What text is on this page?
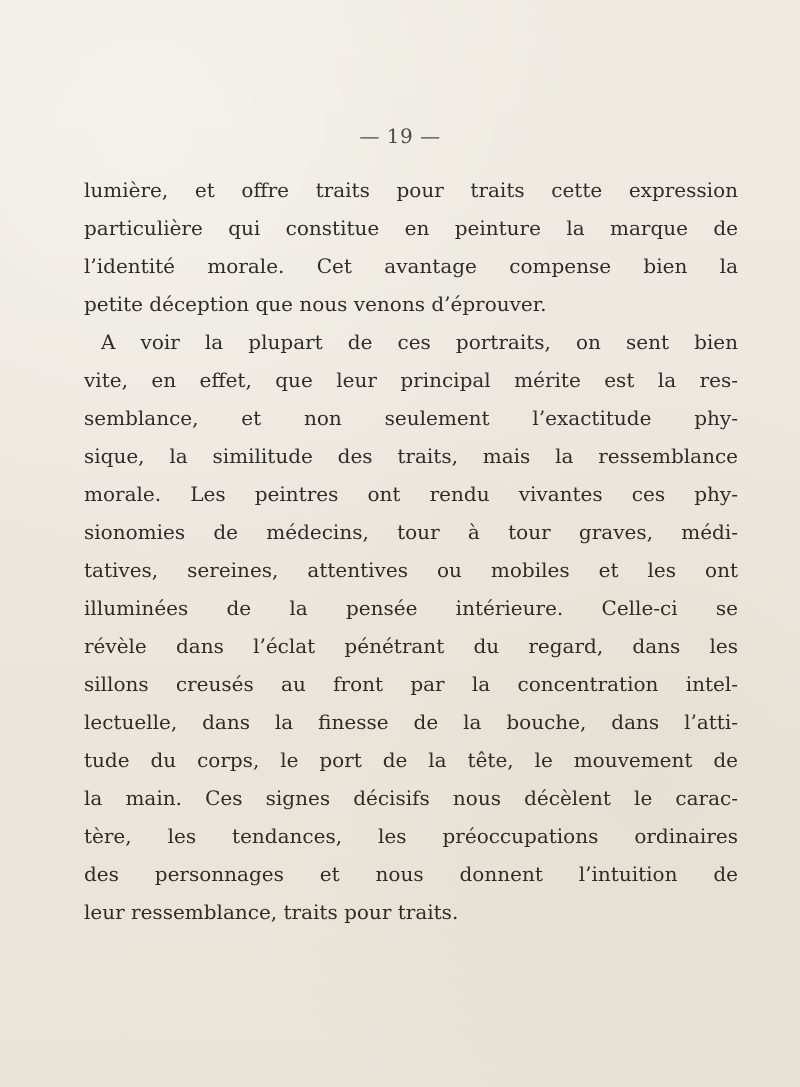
— 19 —
lumière, et offre traits pour traits cette expression
particulière qui constitue en peinture la marque de
l’identité morale. Cet avantage compense bien la
petite déception que nous venons d’éprouver.
A voir la plupart de ces portraits, on sent bien
vite, en effet, que leur principal mérite est la res-
semblance, et non seulement l’exactitude phy-
sique, la similitude des traits, mais la ressemblance
morale. Les peintres ont rendu vivantes ces phy-
sionomies de médecins, tour à tour graves, médi-
tatives, sereines, attentives ou mobiles et les ont
illuminées de la pensée intérieure. Celle-ci se
révèle dans l’éclat pénétrant du regard, dans les
sillons creusés au front par la concentration intel-
lectuelle, dans la finesse de la bouche, dans l’atti-
tude du corps, le port de la tête, le mouvement de
la main. Ces signes décisifs nous décèlent le carac-
tère, les tendances, les préoccupations ordinaires
des personnages et nous donnent l’intuition de
leur ressemblance, traits pour traits.
